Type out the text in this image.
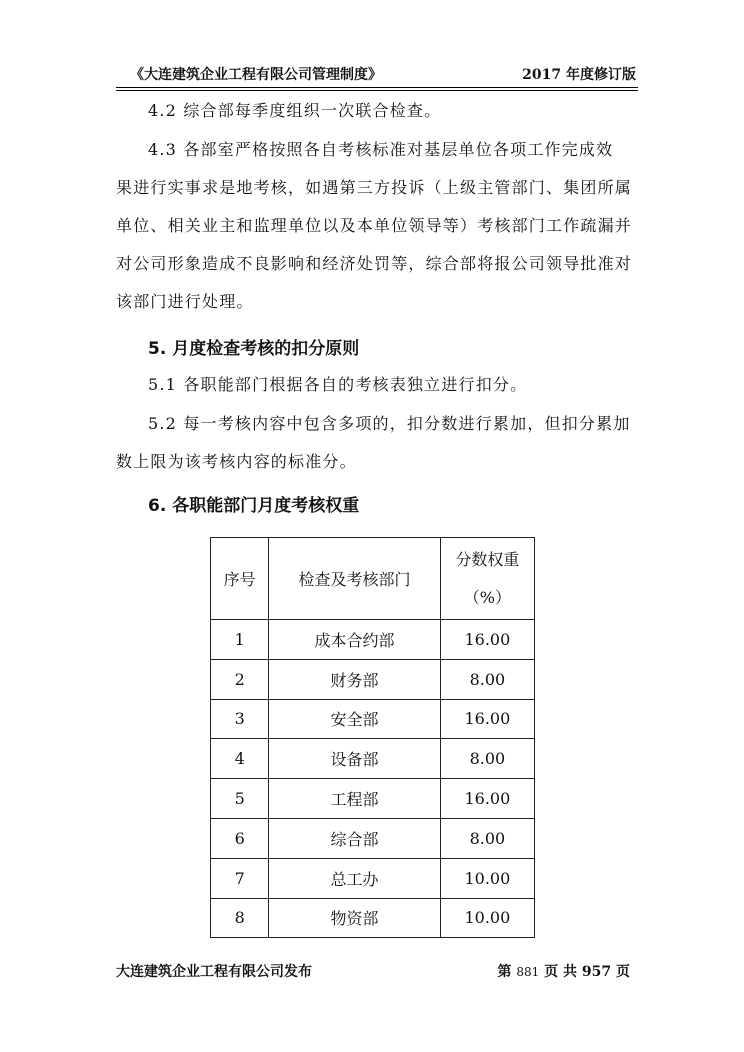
《大连建筑企业工程有限公司管理制度》	2017 年度修订版
4.2 综合部每季度组织一次联合检查。
4.3 各部室严格按照各自考核标准对基层单位各项工作完成效
果进行实事求是地考核，如遇第三方投诉（上级主管部门、集团所属
单位、相关业主和监理单位以及本单位领导等）考核部门工作疏漏并
对公司形象造成不良影响和经济处罚等，综合部将报公司领导批准对
该部门进行处理。
5. 月度检查考核的扣分原则
5.1 各职能部门根据各自的考核表独立进行扣分。
5.2 每一考核内容中包含多项的，扣分数进行累加，但扣分累加
数上限为该考核内容的标准分。
6. 各职能部门月度考核权重
序号	检查及考核部门	分数权重
（%）

1	成本合约部	16.00
2	财务部	8.00
3	安全部	16.00
4	设备部	8.00
5	工程部	16.00
6	综合部	8.00
7	总工办	10.00
8	物资部	10.00
大连建筑企业工程有限公司发布	第 881 页 共 957 页
